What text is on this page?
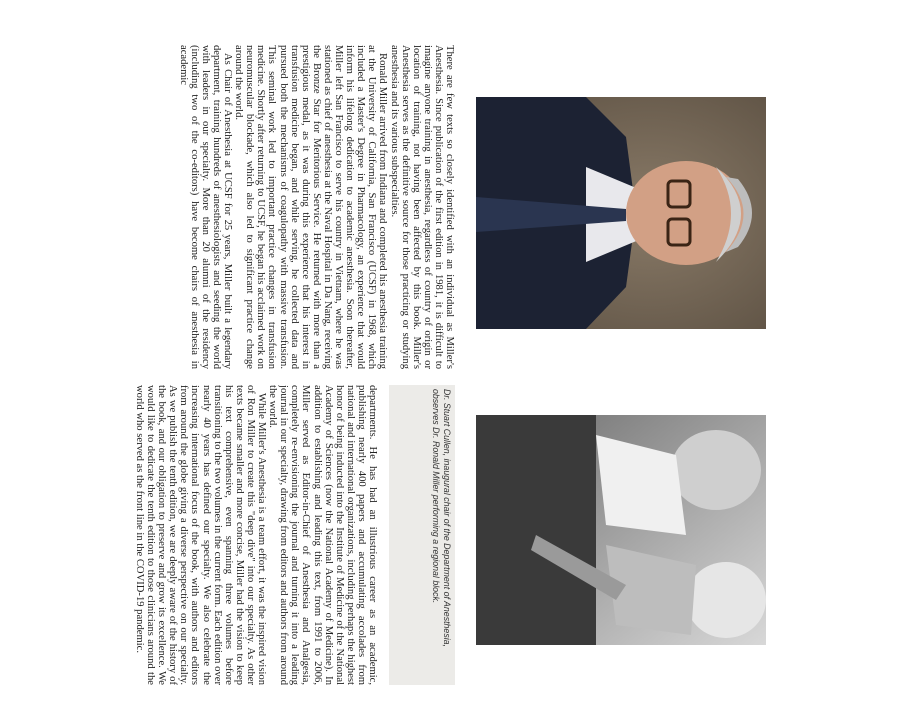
There are few texts so closely identified with an individual as Miller's Anesthesia. Since publication of the first edition in 1981, it is difficult to imagine anyone training in anesthesia, regardless of country of origin or location of training, not having been affected by this book. Miller's Anesthesia serves as the definitive source for those practicing or studying anesthesia and its various subspecialties.

Ronald Miller arrived from Indiana and completed his anesthesia training at the University of California, San Francisco (UCSF) in 1968, which included a Master's Degree in Pharmacology, an experience that would inform his lifelong dedication to academic anesthesia. Soon thereafter, Miller left San Francisco to serve his country in Vietnam, where he was stationed as chief of anesthesia at the Naval Hospital in Da Nang, receiving the Bronze Star for Meritorious Service. He returned with more than a prestigious medal, as it was during this experience that his interest in transfusion medicine began, and while serving, he collected data and pursued both the mechanisms of coagulopathy with massive transfusion. This seminal work led to important practice changes in transfusion medicine. Shortly after returning to UCSF, he began his acclaimed work on neuromuscular blockade, which also led to significant practice change around the world.

As Chair of Anesthesia at UCSF for 25 years, Miller built a legendary department, training hundreds of anesthesiologists and seeding the world with leaders in our specialty. More than 20 alumni of the residency (including two of the co-editors) have become chairs of anesthesia in academic

Dr. Stuart Cullen, inaugural chair of the Department of Anesthesia, observes Dr. Ronald Miller performing a regional block.

departments. He has had an illustrious career as an academic, publishing nearly 400 papers and accumulating accolades from national and international organizations, including perhaps the highest honor of being inducted into the Institute of Medicine of the National Academy of Sciences (now the National Academy of Medicine). In addition to establishing and leading this text, from 1991 to 2006, Miller served as Editor-in-Chief of Anesthesia and Analgesia, completely re-envisioning the journal and turning it into a leading journal in our specialty, drawing from editors and authors from around the world.

While Miller's Anesthesia is a team effort, it was the inspired vision of Ron Miller to create this "deep dive" into our specialty. As other texts became smaller and more concise, Miller had the vision to keep his text comprehensive, even spanning three volumes before transitioning to the two volumes in the current form. Each edition over nearly 40 years has defined our specialty. We also celebrate the increasing international focus of the book, with authors and editors from around the globe giving a diverse perspective on our specialty. As we publish the tenth edition, we are deeply aware of the history of the book, and our obligation to preserve and grow its excellence. We would like to dedicate the tenth edition to those clinicians around the world who served as the front line in the COVID-19 pandemic.
